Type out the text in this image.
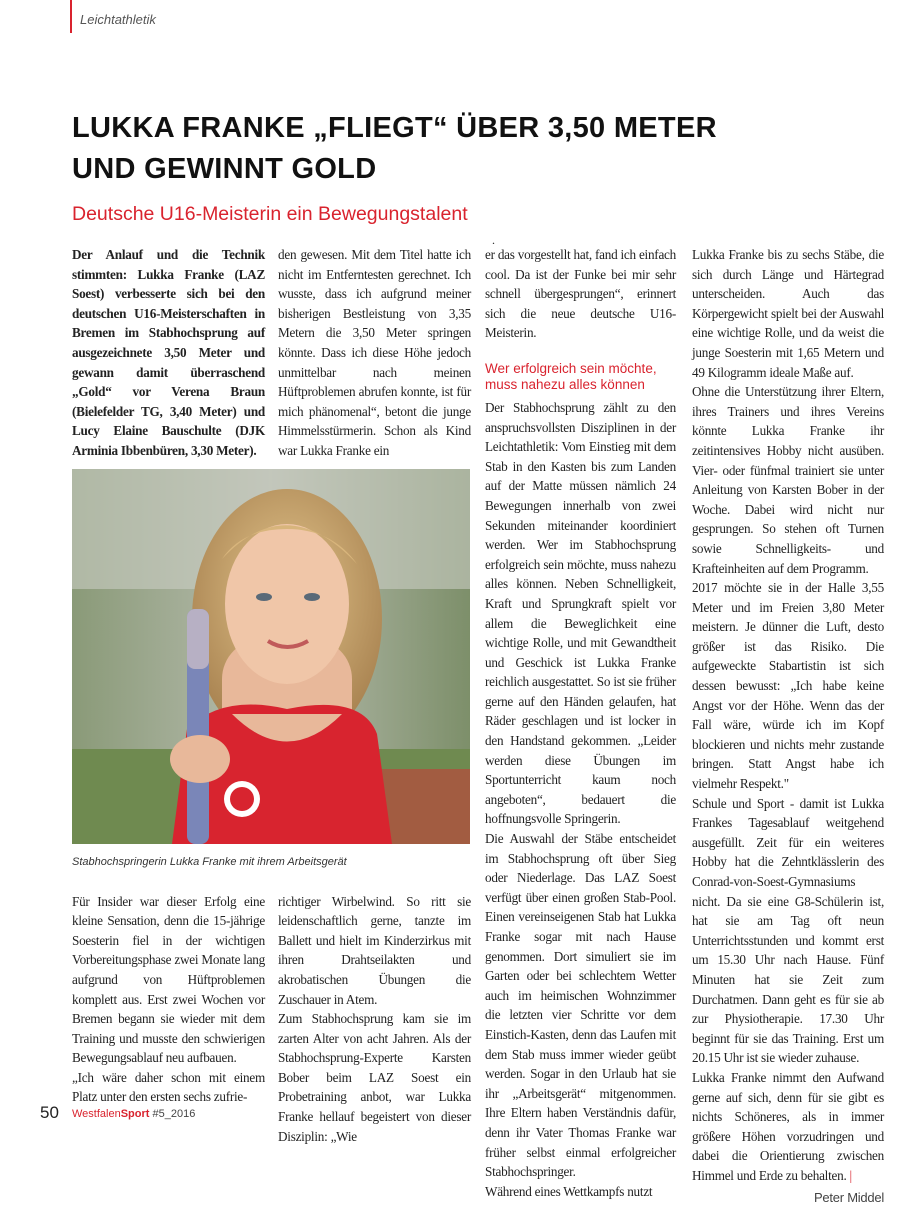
Leichtathletik
LUKKA FRANKE „FLIEGT“ ÜBER 3,50 METER
UND GEWINNT GOLD
Deutsche U16-Meisterin ein Bewegungstalent

Der Anlauf und die Technik stimmten: Lukka Franke (LAZ Soest) verbesserte sich bei den deutschen U16-Meisterschaften in Bremen im Stabhochsprung auf ausgezeichnete 3,50 Meter und gewann damit überraschend „Gold“ vor Verena Braun (Bielefelder TG, 3,40 Meter) und Lucy Elaine Bauschulte (DJK Arminia Ibbenbüren, 3,30 Meter).

den gewesen. Mit dem Titel hatte ich nicht im Entferntesten gerechnet. Ich wusste, dass ich aufgrund meiner bisherigen Bestleistung von 3,35 Metern die 3,50 Meter springen könnte. Dass ich diese Höhe jedoch unmittelbar nach meinen Hüftproblemen abrufen konnte, ist für mich phänomenal“, betont die junge Himmelsstürmerin. Schon als Kind war Lukka Franke ein

Stabhochspringerin Lukka Franke mit ihrem Arbeitsgerät

Für Insider war dieser Erfolg eine kleine Sensation, denn die 15-jährige Soesterin fiel in der wichtigen Vorbereitungsphase zwei Monate lang aufgrund von Hüftproblemen komplett aus. Erst zwei Wochen vor Bremen begann sie wieder mit dem Training und musste den schwierigen Bewegungsablauf neu aufbauen.

„Ich wäre daher schon mit einem Platz unter den ersten sechs zufrie-

richtiger Wirbelwind. So ritt sie leidenschaftlich gerne, tanzte im Ballett und hielt im Kinderzirkus mit ihren Drahtseilakten und akrobatischen Übungen die Zuschauer in Atem.

Zum Stabhochsprung kam sie im zarten Alter von acht Jahren. Als der Stabhochsprung-Experte Karsten Bober beim LAZ Soest ein Probetraining anbot, war Lukka Franke hellauf begeistert von dieser Disziplin: „Wie

.

er das vorgestellt hat, fand ich einfach cool. Da ist der Funke bei mir sehr schnell übergesprungen“, erinnert sich die neue deutsche U16-Meisterin.

Wer erfolgreich sein möchte, muss nahezu alles können

Der Stabhochsprung zählt zu den anspruchsvollsten Disziplinen in der Leichtathletik: Vom Einstieg mit dem Stab in den Kasten bis zum Landen auf der Matte müssen nämlich 24 Bewegungen innerhalb von zwei Sekunden miteinander koordiniert werden. Wer im Stabhochsprung erfolgreich sein möchte, muss nahezu alles können. Neben Schnelligkeit, Kraft und Sprungkraft spielt vor allem die Beweglichkeit eine wichtige Rolle, und mit Gewandtheit und Geschick ist Lukka Franke reichlich ausgestattet. So ist sie früher gerne auf den Händen gelaufen, hat Räder geschlagen und ist locker in den Handstand gekommen. „Leider werden diese Übungen im Sportunterricht kaum noch angeboten“, bedauert die hoffnungsvolle Springerin.

Die Auswahl der Stäbe entscheidet im Stabhochsprung oft über Sieg oder Niederlage. Das LAZ Soest verfügt über einen großen Stab-Pool. Einen vereinseigenen Stab hat Lukka Franke sogar mit nach Hause genommen. Dort simuliert sie im Garten oder bei schlechtem Wetter auch im heimischen Wohnzimmer die letzten vier Schritte vor dem Einstich-Kasten, denn das Laufen mit dem Stab muss immer wieder geübt werden. Sogar in den Urlaub hat sie ihr „Arbeitsgerät“ mitgenommen. Ihre Eltern haben Verständnis dafür, denn ihr Vater Thomas Franke war früher selbst einmal erfolgreicher Stabhochspringer.

Während eines Wettkampfs nutzt

Lukka Franke bis zu sechs Stäbe, die sich durch Länge und Härtegrad unterscheiden. Auch das Körpergewicht spielt bei der Auswahl eine wichtige Rolle, und da weist die junge Soesterin mit 1,65 Metern und 49 Kilogramm ideale Maße auf.

Ohne die Unterstützung ihrer Eltern, ihres Trainers und ihres Vereins könnte Lukka Franke ihr zeitintensives Hobby nicht ausüben. Vier- oder fünfmal trainiert sie unter Anleitung von Karsten Bober in der Woche. Dabei wird nicht nur gesprungen. So stehen oft Turnen sowie Schnelligkeits- und Krafteinheiten auf dem Programm.

2017 möchte sie in der Halle 3,55 Meter und im Freien 3,80 Meter meistern. Je dünner die Luft, desto größer ist das Risiko. Die aufgeweckte Stabartistin ist sich dessen bewusst: „Ich habe keine Angst vor der Höhe. Wenn das der Fall wäre, würde ich im Kopf blockieren und nichts mehr zustande bringen. Statt Angst habe ich vielmehr Respekt."

Schule und Sport - damit ist Lukka Frankes Tagesablauf weitgehend ausgefüllt. Zeit für ein weiteres Hobby hat die Zehntklässlerin des Conrad-von-Soest-Gymnasiums nicht. Da sie eine G8-Schülerin ist, hat sie am Tag oft neun Unterrichtsstunden und kommt erst um 15.30 Uhr nach Hause. Fünf Minuten hat sie Zeit zum Durchatmen. Dann geht es für sie ab zur Physiotherapie. 17.30 Uhr beginnt für sie das Training. Erst um 20.15 Uhr ist sie wieder zuhause.

Lukka Franke nimmt den Aufwand gerne auf sich, denn für sie gibt es nichts Schöneres, als in immer größere Höhen vorzudringen und dabei die Orientierung zwischen Himmel und Erde zu behalten. |

Peter Middel

50 WestfalenSport #5_2016
